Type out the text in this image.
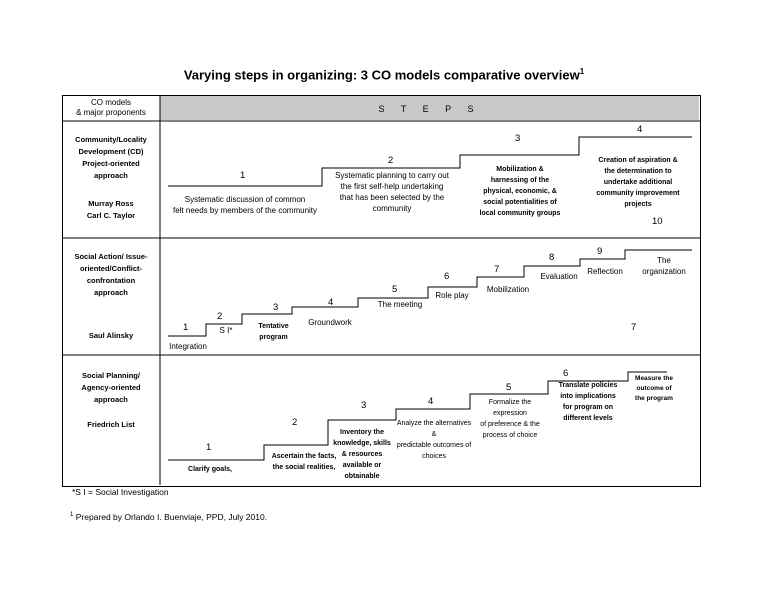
Varying steps in organizing: 3 CO models comparative overview$^1$
CO models
& major proponents	S T E P S
Community/Locality
Development (CD)
Project-oriented
approach
Murray Ross
Carl C. Taylor
Social Action/ Issue-
oriented/Conflict-
confrontation
approach
Saul Alinsky
Social Planning/
Agency-oriented
approach
Friedrich List
1
Systematic discussion of common
felt needs by members of the community
2
Systematic planning to carry out
the first self-help undertaking
that has been selected by the
community
3
Mobilization &
harnessing of the
physical, economic, &
social potentialities of
local community groups
4
Creation of aspiration &
the determination to
undertake additional
community improvement
projects
10
1
Integration
2
S I*
3
Tentative
program
4
Groundwork
5
The meeting
6
Role play
7
Mobilization
8
Evaluation
9
Reflection
The
organization
7
1
Clarify goals,
2
Ascertain the facts,
the social realities,
3
Inventory the
knowledge, skills
& resources
available or
obtainable
4
Analyze the alternatives &
predictable outcomes of
choices
5
Formalize the expression
of preference & the
process of choice
6
Translate policies
into implications
for program on
different levels
Measure the
outcome of
the program
*S I = Social Investigation
$^1$ Prepared by Orlando I. Buenviaje, PPD, July 2010.
